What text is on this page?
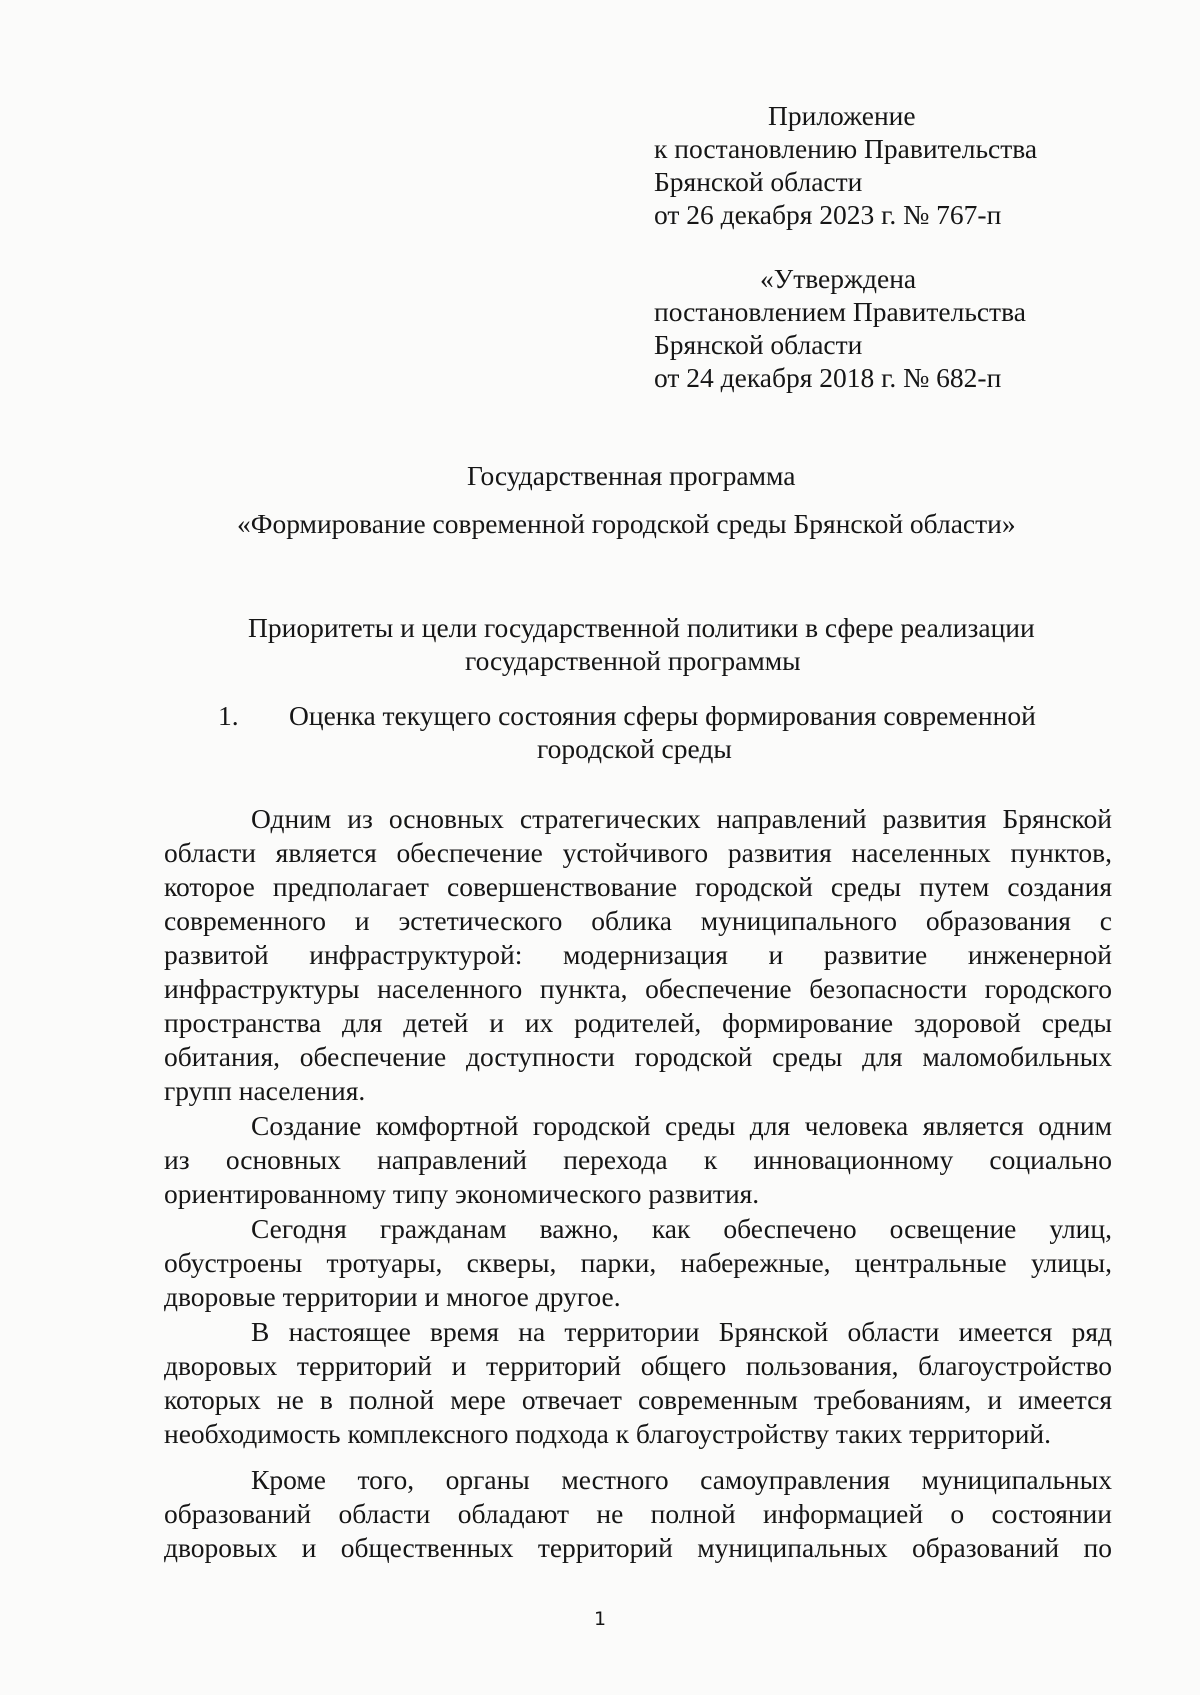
Приложение
к постановлению Правительства
Брянской области
от 26 декабря 2023 г. № 767-п
«Утверждена
постановлением Правительства
Брянской области
от 24 декабря 2018 г. № 682-п
Государственная программа
«Формирование современной городской среды Брянской области»
Приоритеты и цели государственной политики в сфере реализации
государственной программы
1. Оценка текущего состояния сферы формирования современной
городской среды
Одним из основных стратегических направлений развития Брянской
области является обеспечение устойчивого развития населенных пунктов,
которое предполагает совершенствование городской среды путем создания
современного и эстетического облика муниципального образования с
развитой инфраструктурой: модернизация и развитие инженерной
инфраструктуры населенного пункта, обеспечение безопасности городского
пространства для детей и их родителей, формирование здоровой среды
обитания, обеспечение доступности городской среды для маломобильных
групп населения.
Создание комфортной городской среды для человека является одним
из основных направлений перехода к инновационному социально
ориентированному типу экономического развития.
Сегодня гражданам важно, как обеспечено освещение улиц,
обустроены тротуары, скверы, парки, набережные, центральные улицы,
дворовые территории и многое другое.
В настоящее время на территории Брянской области имеется ряд
дворовых территорий и территорий общего пользования, благоустройство
которых не в полной мере отвечает современным требованиям, и имеется
необходимость комплексного подхода к благоустройству таких территорий.
Кроме того, органы местного самоуправления муниципальных
образований области обладают не полной информацией о состоянии
дворовых и общественных территорий муниципальных образований по
1
